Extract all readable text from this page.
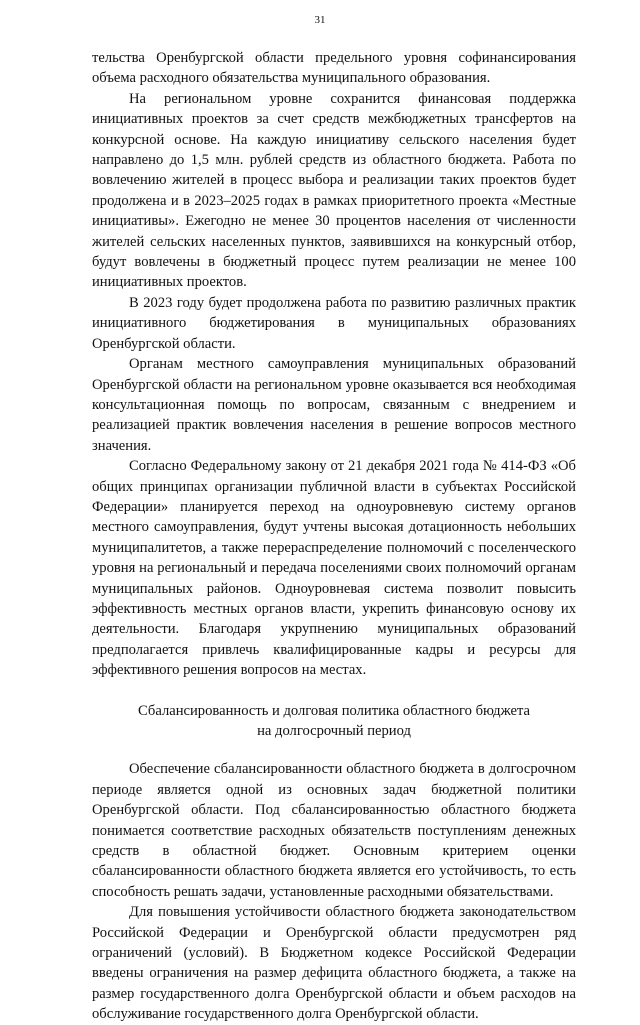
31

тельства Оренбургской области предельного уровня софинансирования объема расходного обязательства муниципального образования.

На региональном уровне сохранится финансовая поддержка инициативных проектов за счет средств межбюджетных трансфертов на конкурсной основе. На каждую инициативу сельского населения будет направлено до 1,5 млн. рублей средств из областного бюджета. Работа по вовлечению жителей в процесс выбора и реализации таких проектов будет продолжена и в 2023–2025 годах в рамках приоритетного проекта «Местные инициативы». Ежегодно не менее 30 процентов населения от численности жителей сельских населенных пунктов, заявившихся на конкурсный отбор, будут вовлечены в бюджетный процесс путем реализации не менее 100 инициативных проектов.

В 2023 году будет продолжена работа по развитию различных практик инициативного бюджетирования в муниципальных образованиях Оренбургской области.

Органам местного самоуправления муниципальных образований Оренбургской области на региональном уровне оказывается вся необходимая консультационная помощь по вопросам, связанным с внедрением и реализацией практик вовлечения населения в решение вопросов местного значения.

Согласно Федеральному закону от 21 декабря 2021 года № 414-ФЗ «Об общих принципах организации публичной власти в субъектах Российской Федерации» планируется переход на одноуровневую систему органов местного самоуправления, будут учтены высокая дотационность небольших муниципалитетов, а также перераспределение полномочий с поселенческого уровня на региональный и передача поселениями своих полномочий органам муниципальных районов. Одноуровневая система позволит повысить эффективность местных органов власти, укрепить финансовую основу их деятельности. Благодаря укрупнению муниципальных образований предполагается привлечь квалифицированные кадры и ресурсы для эффективного решения вопросов на местах.

Сбалансированность и долговая политика областного бюджета
на долгосрочный период

Обеспечение сбалансированности областного бюджета в долгосрочном периоде является одной из основных задач бюджетной политики Оренбургской области. Под сбалансированностью областного бюджета понимается соответствие расходных обязательств поступлениям денежных средств в областной бюджет. Основным критерием оценки сбалансированности областного бюджета является его устойчивость, то есть способность решать задачи, установленные расходными обязательствами.

Для повышения устойчивости областного бюджета законодательством Российской Федерации и Оренбургской области предусмотрен ряд ограничений (условий). В Бюджетном кодексе Российской Федерации введены ограничения на размер дефицита областного бюджета, а также на размер государственного долга Оренбургской области и объем расходов на обслуживание государственного долга Оренбургской области.
